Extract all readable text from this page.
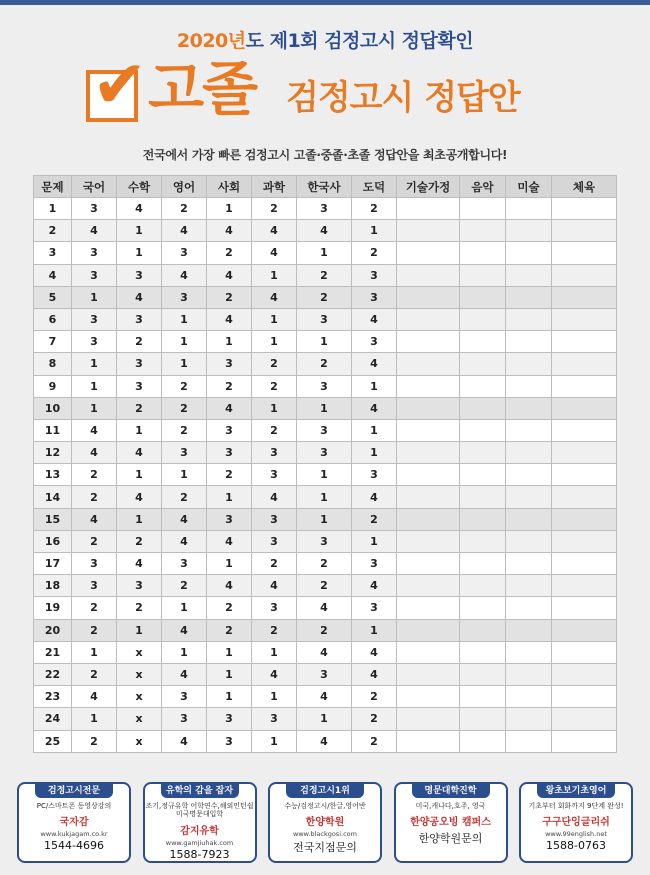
2020년도 제1회 검정고시 정답확인
✔ 고졸 검정고시 정답안
전국에서 가장 빠른 검정고시 고졸·중졸·초졸 정답안을 최초공개합니다!
문제	국어	수학	영어	사회	과학	한국사	도덕	기술가정	음악	미술	체육
1	3	4	2	1	2	3	2				
2	4	1	4	4	4	4	1				
3	3	1	3	2	4	1	2				
4	3	3	4	4	1	2	3				
5	1	4	3	2	4	2	3				
6	3	3	1	4	1	3	4				
7	3	2	1	1	1	1	3				
8	1	3	1	3	2	2	4				
9	1	3	2	2	2	3	1				
10	1	2	2	4	1	1	4				
11	4	1	2	3	2	3	1				
12	4	4	3	3	3	3	1				
13	2	1	1	2	3	1	3				
14	2	4	2	1	4	1	4				
15	4	1	4	3	3	1	2				
16	2	2	4	4	3	3	1				
17	3	4	3	1	2	2	3				
18	3	3	2	4	4	2	4				
19	2	2	1	2	3	4	3				
20	2	1	4	2	2	2	1				
21	1	x	1	1	1	4	4				
22	2	x	4	1	4	3	4				
23	4	x	3	1	1	4	2				
24	1	x	3	3	3	1	2				
25	2	x	4	3	1	4	2				
검정고시전문
PC/스마트폰 동영상강의
국자감
www.kukjagam.co.kr
1544-4696
유학의 감을 잡자
조기,정규유학 어학연수,해외인턴쉽 미국명문대입학
감지유학
www.gamjiuhak.com
1588-7923
검정고시1위
수능/검정고시/한글,영어반
한양학원
www.blackgosi.com
전국지점문의
명문대학진학
미국,캐나다,호주, 영국
한양공오빙 캠퍼스
한양학원문의
왕초보기초영어
기초부터 회화까지 9단계 완성!
구구단잉글리쉬
www.99english.net
1588-0763
